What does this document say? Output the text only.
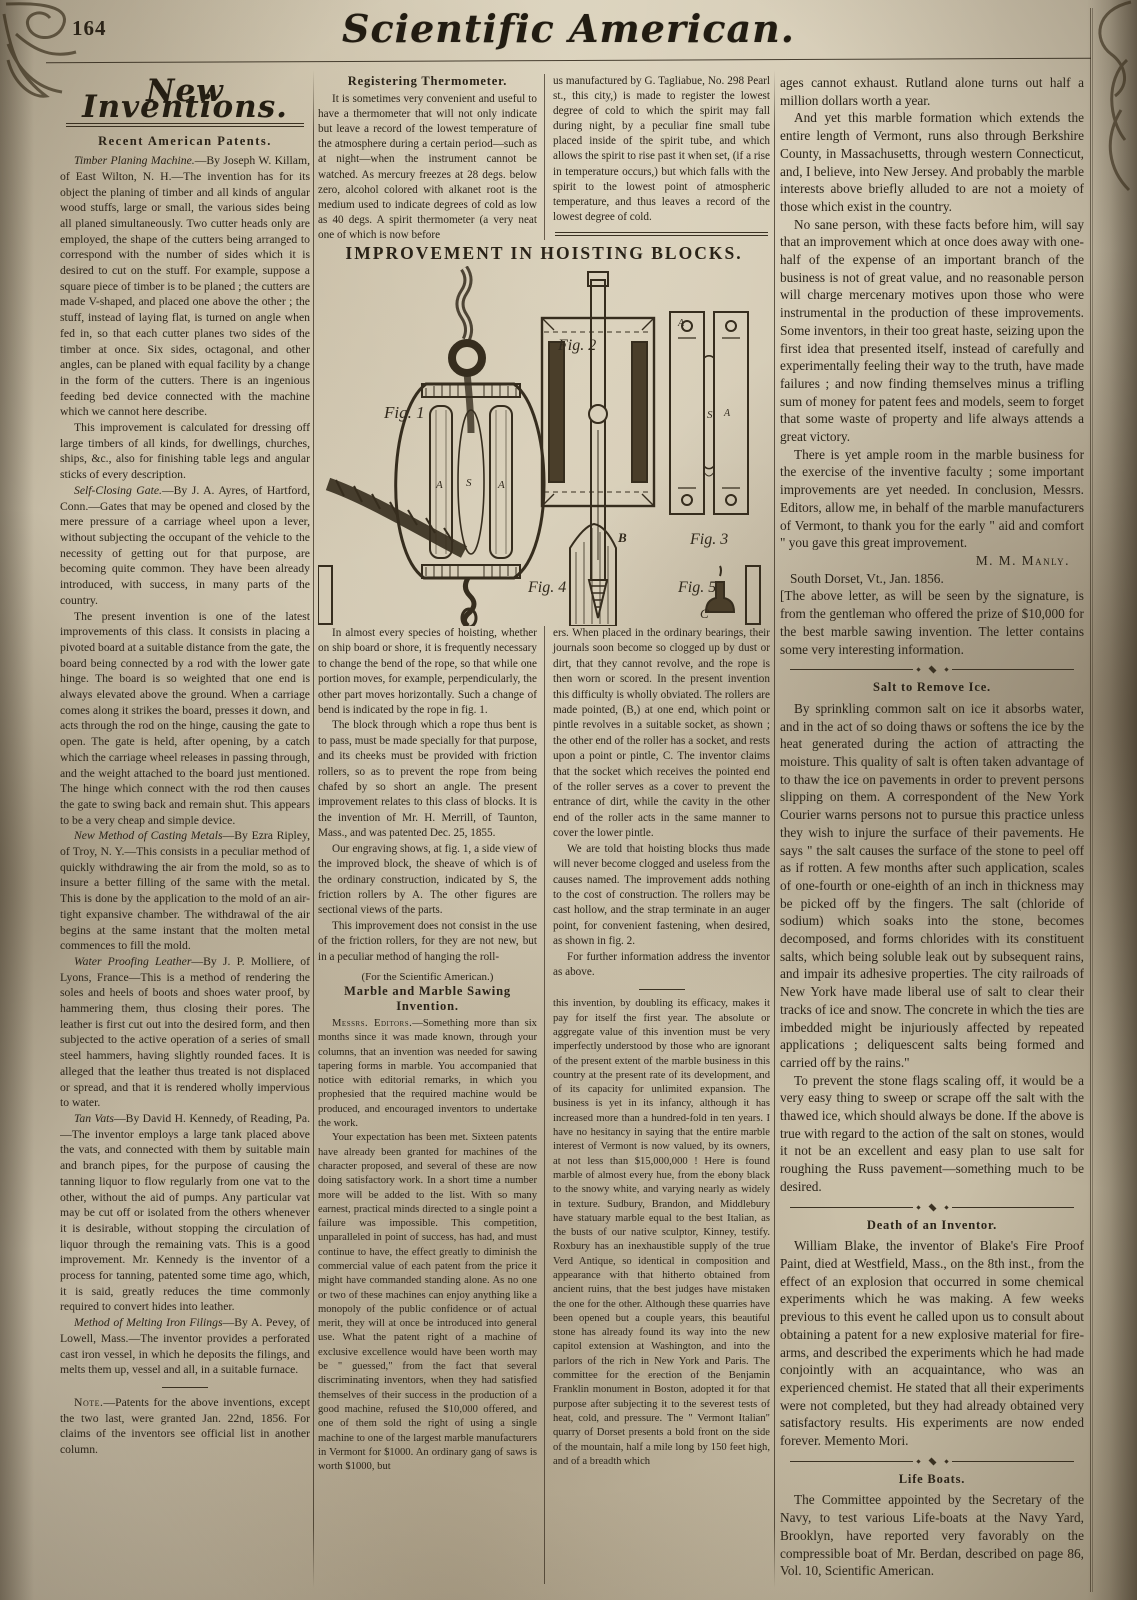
164	Scientific American.
New Inventions.
Recent American Patents.

Timber Planing Machine.—By Joseph W. Killam, of East Wilton, N. H.—The invention has for its object the planing of timber and all kinds of angular wood stuffs, large or small, the various sides being all planed simultaneously. Two cutter heads only are employed, the shape of the cutters being arranged to correspond with the number of sides which it is desired to cut on the stuff. For example, suppose a square piece of timber is to be planed ; the cutters are made V-shaped, and placed one above the other ; the stuff, instead of laying flat, is turned on angle when fed in, so that each cutter planes two sides of the timber at once. Six sides, octagonal, and other angles, can be planed with equal facility by a change in the form of the cutters. There is an ingenious feeding bed device connected with the machine which we cannot here describe.

This improvement is calculated for dressing off large timbers of all kinds, for dwellings, churches, ships, &c., also for finishing table legs and angular sticks of every description.

Self-Closing Gate.—By J. A. Ayres, of Hartford, Conn.—Gates that may be opened and closed by the mere pressure of a carriage wheel upon a lever, without subjecting the occupant of the vehicle to the necessity of getting out for that purpose, are becoming quite common. They have been already introduced, with success, in many parts of the country.

The present invention is one of the latest improvements of this class. It consists in placing a pivoted board at a suitable distance from the gate, the board being connected by a rod with the lower gate hinge. The board is so weighted that one end is always elevated above the ground. When a carriage comes along it strikes the board, presses it down, and acts through the rod on the hinge, causing the gate to open. The gate is held, after opening, by a catch which the carriage wheel releases in passing through, and the weight attached to the board just mentioned. The hinge which connect with the rod then causes the gate to swing back and remain shut. This appears to be a very cheap and simple device.

New Method of Casting Metals—By Ezra Ripley, of Troy, N. Y.—This consists in a peculiar method of quickly withdrawing the air from the mold, so as to insure a better filling of the same with the metal. This is done by the application to the mold of an air-tight expansive chamber. The withdrawal of the air begins at the same instant that the molten metal commences to fill the mold.

Water Proofing Leather—By J. P. Molliere, of Lyons, France—This is a method of rendering the soles and heels of boots and shoes water proof, by hammering them, thus closing their pores. The leather is first cut out into the desired form, and then subjected to the active operation of a series of small steel hammers, having slightly rounded faces. It is alleged that the leather thus treated is not displaced or spread, and that it is rendered wholly impervious to water.

Tan Vats—By David H. Kennedy, of Reading, Pa.—The inventor employs a large tank placed above the vats, and connected with them by suitable main and branch pipes, for the purpose of causing the tanning liquor to flow regularly from one vat to the other, without the aid of pumps. Any particular vat may be cut off or isolated from the others whenever it is desirable, without stopping the circulation of liquor through the remaining vats. This is a good improvement. Mr. Kennedy is the inventor of a process for tanning, patented some time ago, which, it is said, greatly reduces the time commonly required to convert hides into leather.

Method of Melting Iron Filings—By A. Pevey, of Lowell, Mass.—The inventor provides a perforated cast iron vessel, in which he deposits the filings, and melts them up, vessel and all, in a suitable furnace.

Note.—Patents for the above inventions, except the two last, were granted Jan. 22nd, 1856. For claims of the inventors see official list in another column.

Registering Thermometer.

It is sometimes very convenient and useful to have a thermometer that will not only indicate but leave a record of the lowest temperature of the atmosphere during a certain period—such as at night—when the instrument cannot be watched. As mercury freezes at 28 degs. below zero, alcohol colored with alkanet root is the medium used to indicate degrees of cold as low as 40 degs. A spirit thermometer (a very neat one of which is now before

us manufactured by G. Tagliabue, No. 298 Pearl st., this city,) is made to register the lowest degree of cold to which the spirit may fall during night, by a peculiar fine small tube placed inside of the spirit tube, and which allows the spirit to rise past it when set, (if a rise in temperature occurs,) but which falls with the spirit to the lowest point of atmospheric temperature, and thus leaves a record of the lowest degree of cold.

IMPROVEMENT IN HOISTING BLOCKS.
Fig. 1
Fig. 2
Fig. 3
Fig. 4	Fig. 5
A S A
B
C
A
S A

In almost every species of hoisting, whether on ship board or shore, it is frequently necessary to change the bend of the rope, so that while one portion moves, for example, perpendicularly, the other part moves horizontally. Such a change of bend is indicated by the rope in fig. 1.

The block through which a rope thus bent is to pass, must be made specially for that purpose, and its cheeks must be provided with friction rollers, so as to prevent the rope from being chafed by so short an angle. The present improvement relates to this class of blocks. It is the invention of Mr. H. Merrill, of Taunton, Mass., and was patented Dec. 25, 1855.

Our engraving shows, at fig. 1, a side view of the improved block, the sheave of which is of the ordinary construction, indicated by S, the friction rollers by A. The other figures are sectional views of the parts.

This improvement does not consist in the use of the friction rollers, for they are not new, but in a peculiar method of hanging the roll-

(For the Scientific American.)
Marble and Marble Sawing Invention.

Messrs. Editors.—Something more than six months since it was made known, through your columns, that an invention was needed for sawing tapering forms in marble. You accompanied that notice with editorial remarks, in which you prophesied that the required machine would be produced, and encouraged inventors to undertake the work.

Your expectation has been met. Sixteen patents have already been granted for machines of the character proposed, and several of these are now doing satisfactory work. In a short time a number more will be added to the list. With so many earnest, practical minds directed to a single point a failure was impossible. This competition, unparalleled in point of success, has had, and must continue to have, the effect greatly to diminish the commercial value of each patent from the price it might have commanded standing alone. As no one or two of these machines can enjoy anything like a monopoly of the public confidence or of actual merit, they will at once be introduced into general use. What the patent right of a machine of exclusive excellence would have been worth may be " guessed," from the fact that several discriminating inventors, when they had satisfied themselves of their success in the production of a good machine, refused the $10,000 offered, and one of them sold the right of using a single machine to one of the largest marble manufacturers in Vermont for $1000. An ordinary gang of saws is worth $1000, but

ers. When placed in the ordinary bearings, their journals soon become so clogged up by dust or dirt, that they cannot revolve, and the rope is then worn or scored. In the present invention this difficulty is wholly obviated. The rollers are made pointed, (B,) at one end, which point or pintle revolves in a suitable socket, as shown ; the other end of the roller has a socket, and rests upon a point or pintle, C. The inventor claims that the socket which receives the pointed end of the roller serves as a cover to prevent the entrance of dirt, while the cavity in the other end of the roller acts in the same manner to cover the lower pintle.

We are told that hoisting blocks thus made will never become clogged and useless from the causes named. The improvement adds nothing to the cost of construction. The rollers may be cast hollow, and the strap terminate in an auger point, for convenient fastening, when desired, as shown in fig. 2.

For further information address the inventor as above.

this invention, by doubling its efficacy, makes it pay for itself the first year. The absolute or aggregate value of this invention must be very imperfectly understood by those who are ignorant of the present extent of the marble business in this country at the present rate of its development, and of its capacity for unlimited expansion. The business is yet in its infancy, although it has increased more than a hundred-fold in ten years. I have no hesitancy in saying that the entire marble interest of Vermont is now valued, by its owners, at not less than $15,000,000 ! Here is found marble of almost every hue, from the ebony black to the snowy white, and varying nearly as widely in texture. Sudbury, Brandon, and Middlebury have statuary marble equal to the best Italian, as the busts of our native sculptor, Kinney, testify. Roxbury has an inexhaustible supply of the true Verd Antique, so identical in composition and appearance with that hitherto obtained from ancient ruins, that the best judges have mistaken the one for the other. Although these quarries have been opened but a couple years, this beautiful stone has already found its way into the new capitol extension at Washington, and into the parlors of the rich in New York and Paris. The committee for the erection of the Benjamin Franklin monument in Boston, adopted it for that purpose after subjecting it to the severest tests of heat, cold, and pressure. The " Vermont Italian" quarry of Dorset presents a bold front on the side of the mountain, half a mile long by 150 feet high, and of a breadth which

ages cannot exhaust. Rutland alone turns out half a million dollars worth a year.

And yet this marble formation which extends the entire length of Vermont, runs also through Berkshire County, in Massachusetts, through western Connecticut, and, I believe, into New Jersey. And probably the marble interests above briefly alluded to are not a moiety of those which exist in the country.

No sane person, with these facts before him, will say that an improvement which at once does away with one-half of the expense of an important branch of the business is not of great value, and no reasonable person will charge mercenary motives upon those who were instrumental in the production of these improvements. Some inventors, in their too great haste, seizing upon the first idea that presented itself, instead of carefully and experimentally feeling their way to the truth, have made failures ; and now finding themselves minus a trifling sum of money for patent fees and models, seem to forget that some waste of property and life always attends a great victory.

There is yet ample room in the marble business for the exercise of the inventive faculty ; some important improvements are yet needed. In conclusion, Messrs. Editors, allow me, in behalf of the marble manufacturers of Vermont, to thank you for the early " aid and comfort " you gave this great improvement.

M. M. Manly.

South Dorset, Vt., Jan. 1856.

[The above letter, as will be seen by the signature, is from the gentleman who offered the prize of $10,000 for the best marble sawing invention. The letter contains some very interesting information.

Salt to Remove Ice.

By sprinkling common salt on ice it absorbs water, and in the act of so doing thaws or softens the ice by the heat generated during the action of attracting the moisture. This quality of salt is often taken advantage of to thaw the ice on pavements in order to prevent persons slipping on them. A correspondent of the New York Courier warns persons not to pursue this practice unless they wish to injure the surface of their pavements. He says " the salt causes the surface of the stone to peel off as if rotten. A few months after such application, scales of one-fourth or one-eighth of an inch in thickness may be picked off by the fingers. The salt (chloride of sodium) which soaks into the stone, becomes decomposed, and forms chlorides with its constituent salts, which being soluble leak out by subsequent rains, and impair its adhesive properties. The city railroads of New York have made liberal use of salt to clear their tracks of ice and snow. The concrete in which the ties are imbedded might be injuriously affected by repeated applications ; deliquescent salts being formed and carried off by the rains."

To prevent the stone flags scaling off, it would be a very easy thing to sweep or scrape off the salt with the thawed ice, which should always be done. If the above is true with regard to the action of the salt on stones, would it not be an excellent and easy plan to use salt for roughing the Russ pavement—something much to be desired.

Death of an Inventor.

William Blake, the inventor of Blake's Fire Proof Paint, died at Westfield, Mass., on the 8th inst., from the effect of an explosion that occurred in some chemical experiments which he was making. A few weeks previous to this event he called upon us to consult about obtaining a patent for a new explosive material for fire-arms, and described the experiments which he had made conjointly with an acquaintance, who was an experienced chemist. He stated that all their experiments were not completed, but they had already obtained very satisfactory results. His experiments are now ended forever. Memento Mori.

Life Boats.

The Committee appointed by the Secretary of the Navy, to test various Life-boats at the Navy Yard, Brooklyn, have reported very favorably on the compressible boat of Mr. Berdan, described on page 86, Vol. 10, Scientific American.
